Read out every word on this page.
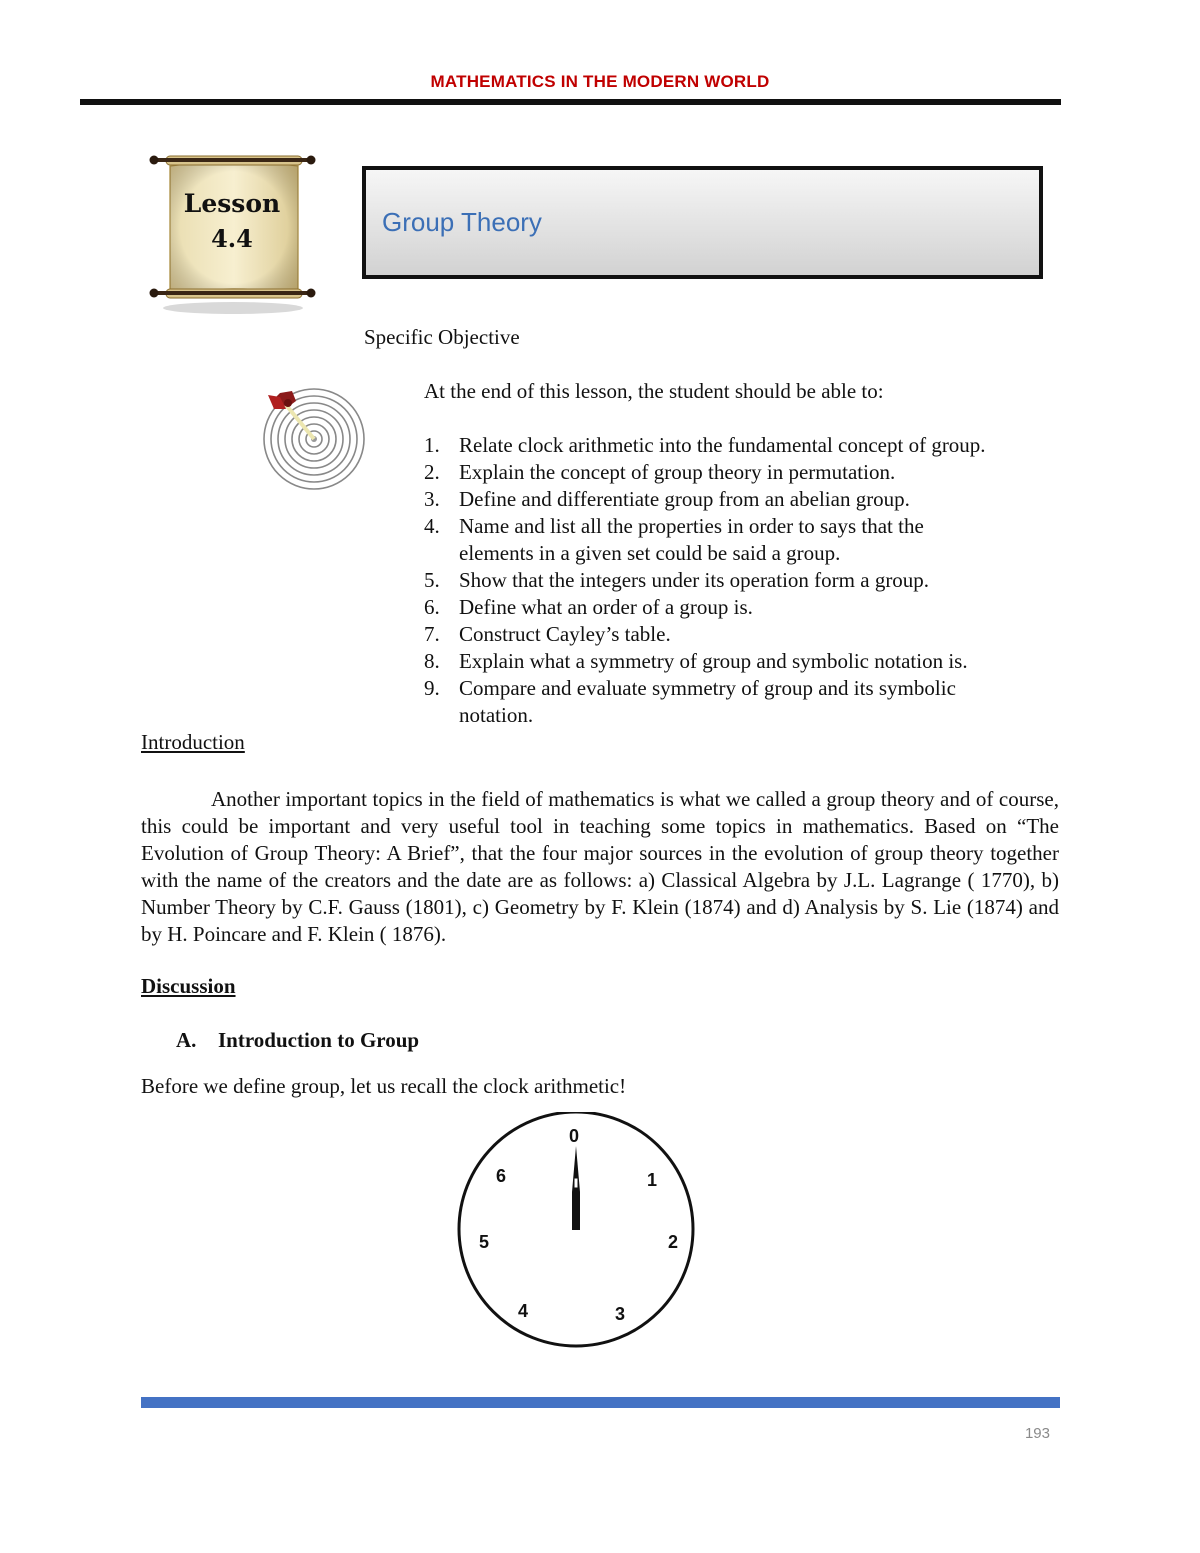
MATHEMATICS IN THE MODERN WORLD
Lesson
4.4
Group Theory
Specific Objective
At the end of this lesson, the student should be able to:
1. Relate clock arithmetic into the fundamental concept of group.
2. Explain the concept of group theory in permutation.
3. Define and differentiate group from an abelian group.
4. Name and list all the properties in order to says that the elements in a given set could be said a group.
5. Show that the integers under its operation form a group.
6. Define what an order of a group is.
7. Construct Cayley’s table.
8. Explain what a symmetry of group and symbolic notation is.
9. Compare and evaluate symmetry of group and its symbolic notation.
Introduction
Another important topics in the field of mathematics is what we called a group theory and of course, this could be important and very useful tool in teaching some topics in mathematics. Based on “The Evolution of Group Theory: A Brief”, that the four major sources in the evolution of group theory together with the name of the creators and the date are as follows: a) Classical Algebra by J.L. Lagrange ( 1770), b) Number Theory by C.F. Gauss (1801), c) Geometry by F. Klein (1874) and d) Analysis by S. Lie (1874) and by H. Poincare and F. Klein ( 1876).
Discussion
A. Introduction to Group
Before we define group, let us recall the clock arithmetic!
0
1
2
3
4
5
6
193
